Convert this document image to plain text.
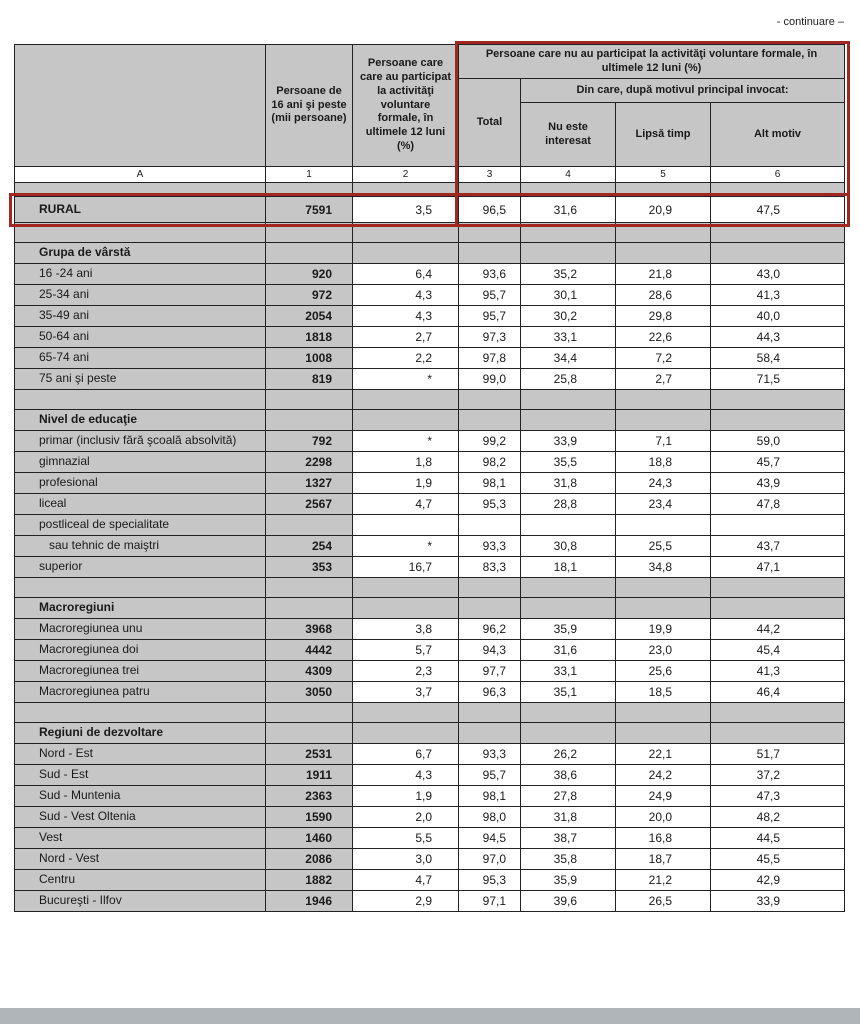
- continuare –
	Persoane de 16 ani şi peste (mii persoane)	Persoane care care au participat la activităţi voluntare formale, în ultimele 12 luni (%)	Persoane care nu au participat la activităţi voluntare formale, în ultimele 12 luni (%)			
			Total	Din care, după motivul principal invocat:		
				Nu este interesat	Lipsă timp	Alt motiv
A	1	2	3	4	5	6

RURAL	7591	3,5	96,5	31,6	20,9	47,5

Grupa de vârstă						
16 -24 ani	920	6,4	93,6	35,2	21,8	43,0
25-34 ani	972	4,3	95,7	30,1	28,6	41,3
35-49 ani	2054	4,3	95,7	30,2	29,8	40,0
50-64 ani	1818	2,7	97,3	33,1	22,6	44,3
65-74 ani	1008	2,2	97,8	34,4	7,2	58,4
75 ani şi peste	819	*	99,0	25,8	2,7	71,5

Nivel de educaţie						
primar (inclusiv fără şcoală absolvită)	792	*	99,2	33,9	7,1	59,0
gimnazial	2298	1,8	98,2	35,5	18,8	45,7
profesional	1327	1,9	98,1	31,8	24,3	43,9
liceal	2567	4,7	95,3	28,8	23,4	47,8
postliceal de specialitate						
sau tehnic de maiştri	254	*	93,3	30,8	25,5	43,7
superior	353	16,7	83,3	18,1	34,8	47,1

Macroregiuni						
Macroregiunea unu	3968	3,8	96,2	35,9	19,9	44,2
Macroregiunea doi	4442	5,7	94,3	31,6	23,0	45,4
Macroregiunea trei	4309	2,3	97,7	33,1	25,6	41,3
Macroregiunea patru	3050	3,7	96,3	35,1	18,5	46,4

Regiuni de dezvoltare						
Nord - Est	2531	6,7	93,3	26,2	22,1	51,7
Sud - Est	1911	4,3	95,7	38,6	24,2	37,2
Sud - Muntenia	2363	1,9	98,1	27,8	24,9	47,3
Sud - Vest Oltenia	1590	2,0	98,0	31,8	20,0	48,2
Vest	1460	5,5	94,5	38,7	16,8	44,5
Nord - Vest	2086	3,0	97,0	35,8	18,7	45,5
Centru	1882	4,7	95,3	35,9	21,2	42,9
Bucureşti - Ilfov	1946	2,9	97,1	39,6	26,5	33,9
